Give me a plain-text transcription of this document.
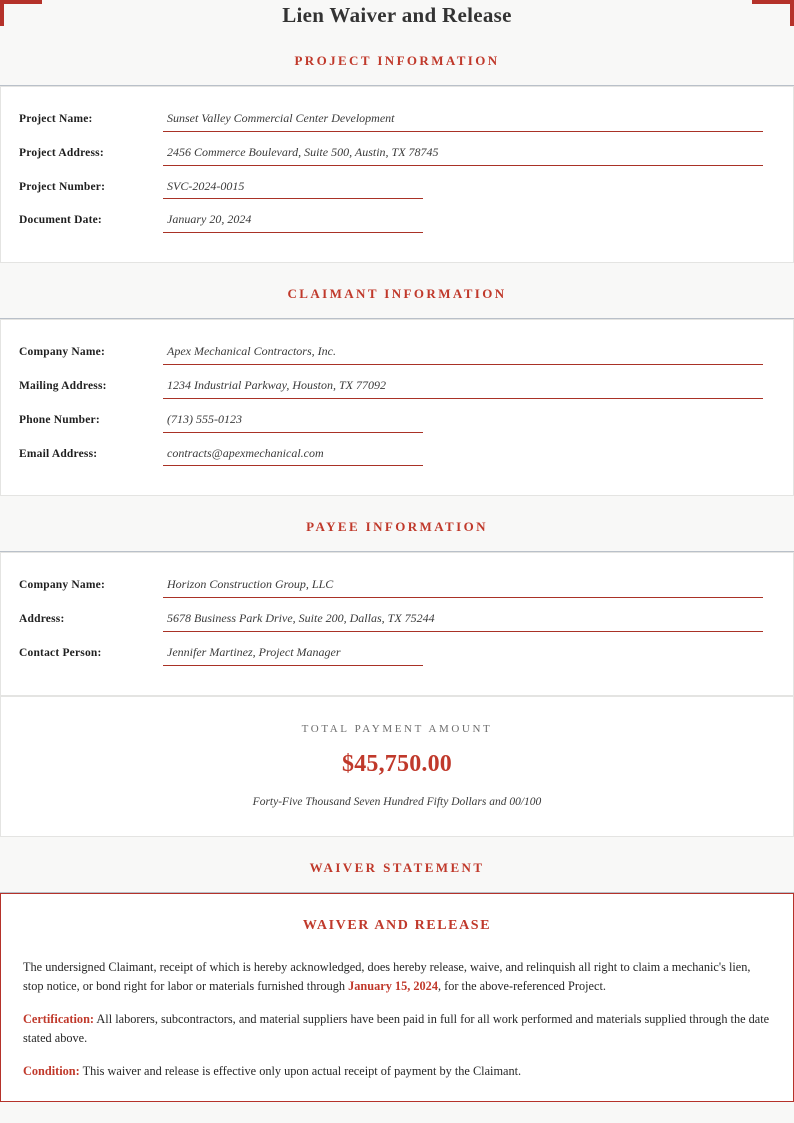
Lien Waiver and Release
PROJECT INFORMATION
Project Name:	Sunset Valley Commercial Center Development
Project Address:	2456 Commerce Boulevard, Suite 500, Austin, TX 78745
Project Number:	SVC-2024-0015
Document Date:	January 20, 2024
CLAIMANT INFORMATION
Company Name:	Apex Mechanical Contractors, Inc.
Mailing Address:	1234 Industrial Parkway, Houston, TX 77092
Phone Number:	(713) 555-0123
Email Address:	contracts@apexmechanical.com
PAYEE INFORMATION
Company Name:	Horizon Construction Group, LLC
Address:	5678 Business Park Drive, Suite 200, Dallas, TX 75244
Contact Person:	Jennifer Martinez, Project Manager
TOTAL PAYMENT AMOUNT
$45,750.00
Forty-Five Thousand Seven Hundred Fifty Dollars and 00/100
WAIVER STATEMENT
WAIVER AND RELEASE

The undersigned Claimant, receipt of which is hereby acknowledged, does hereby release, waive, and relinquish all right to claim a mechanic's lien, stop notice, or bond right for labor or materials furnished through January 15, 2024, for the above-referenced Project.

Certification: All laborers, subcontractors, and material suppliers have been paid in full for all work performed and materials supplied through the date stated above.

Condition: This waiver and release is effective only upon actual receipt of payment by the Claimant.
